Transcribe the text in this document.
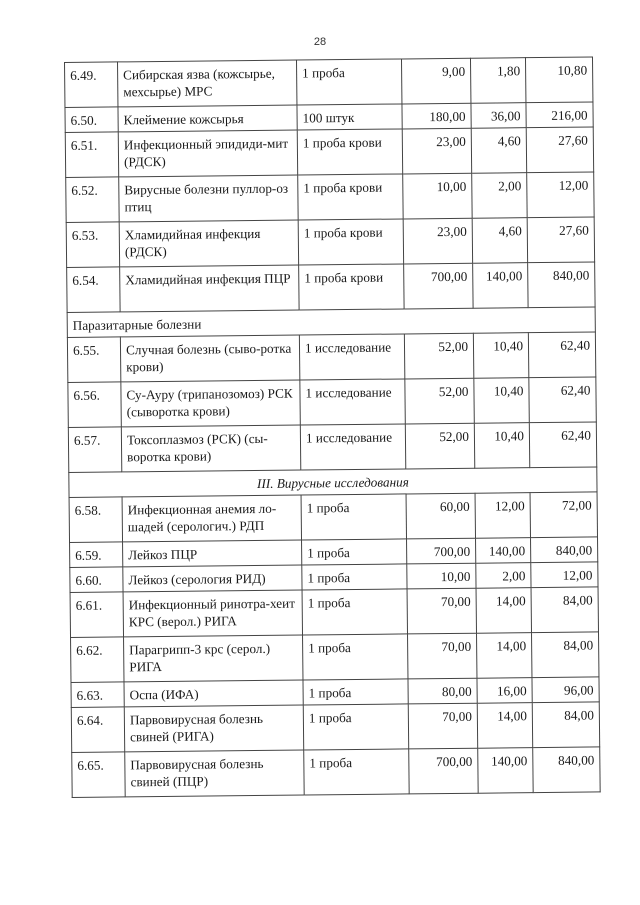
28
6.49.	Сибирская язва (кожсырье, мехсырье) МРС	1 проба	9,00	1,80	10,80
6.50.	Клеймение кожсырья	100 штук	180,00	36,00	216,00
6.51.	Инфекционный эпидиди-мит (РДСК)	1 проба крови	23,00	4,60	27,60
6.52.	Вирусные болезни пуллор-оз птиц	1 проба крови	10,00	2,00	12,00
6.53.	Хламидийная инфекция (РДСК)	1 проба крови	23,00	4,60	27,60
6.54.	Хламидийная инфекция ПЦР	1 проба крови	700,00	140,00	840,00
Паразитарные болезни					
6.55.	Случная болезнь (сыво-ротка крови)	1 исследование	52,00	10,40	62,40
6.56.	Су-Ауру (трипанозомоз) РСК (сыворотка крови)	1 исследование	52,00	10,40	62,40
6.57.	Токсоплазмоз (РСК) (сы-воротка крови)	1 исследование	52,00	10,40	62,40
III. Вирусные исследования					
6.58.	Инфекционная анемия ло-шадей (серологич.) РДП	1 проба	60,00	12,00	72,00
6.59.	Лейкоз ПЦР	1 проба	700,00	140,00	840,00
6.60.	Лейкоз (серология РИД)	1 проба	10,00	2,00	12,00
6.61.	Инфекционный ринотра-хеит КРС (верол.) РИГА	1 проба	70,00	14,00	84,00
6.62.	Парагрипп-3 крс (серол.) РИГА	1 проба	70,00	14,00	84,00
6.63.	Оспа (ИФА)	1 проба	80,00	16,00	96,00
6.64.	Парвовирусная болезнь свиней (РИГА)	1 проба	70,00	14,00	84,00
6.65.	Парвовирусная болезнь свиней (ПЦР)	1 проба	700,00	140,00	840,00
